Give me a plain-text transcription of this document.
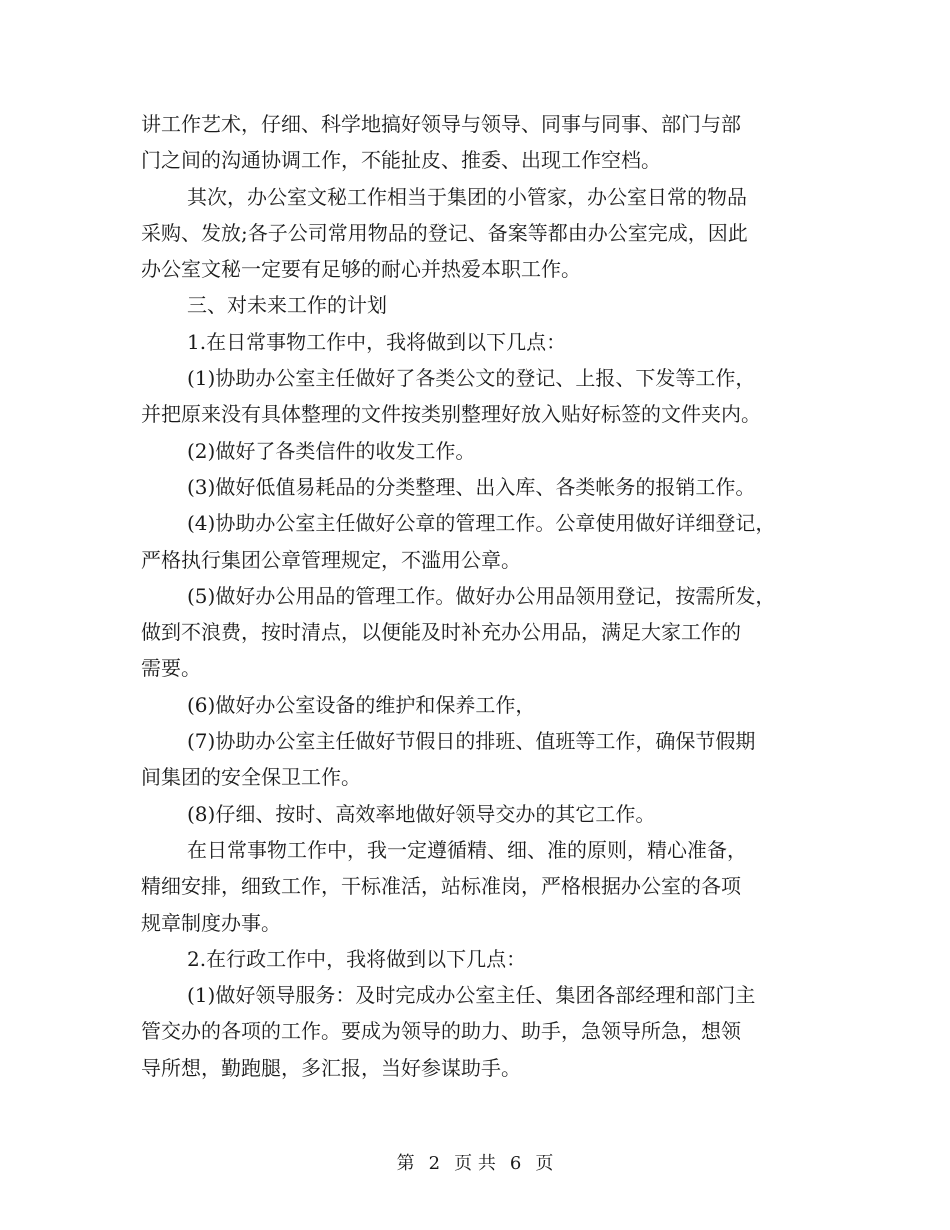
讲工作艺术，仔细、科学地搞好领导与领导、同事与同事、部门与部
门之间的沟通协调工作，不能扯皮、推委、出现工作空档。
其次，办公室文秘工作相当于集团的小管家，办公室日常的物品
采购、发放;各子公司常用物品的登记、备案等都由办公室完成，因此
办公室文秘一定要有足够的耐心并热爱本职工作。
三、对未来工作的计划
1.在日常事物工作中，我将做到以下几点：
(1)协助办公室主任做好了各类公文的登记、上报、下发等工作，
并把原来没有具体整理的文件按类别整理好放入贴好标签的文件夹内。
(2)做好了各类信件的收发工作。
(3)做好低值易耗品的分类整理、出入库、各类帐务的报销工作。
(4)协助办公室主任做好公章的管理工作。公章使用做好详细登记，
严格执行集团公章管理规定，不滥用公章。
(5)做好办公用品的管理工作。做好办公用品领用登记，按需所发，
做到不浪费，按时清点，以便能及时补充办公用品，满足大家工作的
需要。
(6)做好办公室设备的维护和保养工作，
(7)协助办公室主任做好节假日的排班、值班等工作，确保节假期
间集团的安全保卫工作。
(8)仔细、按时、高效率地做好领导交办的其它工作。
在日常事物工作中，我一定遵循精、细、准的原则，精心准备，
精细安排，细致工作，干标准活，站标准岗，严格根据办公室的各项
规章制度办事。
2.在行政工作中，我将做到以下几点：
(1)做好领导服务：及时完成办公室主任、集团各部经理和部门主
管交办的各项的工作。要成为领导的助力、助手，急领导所急，想领
导所想，勤跑腿，多汇报，当好参谋助手。
第 2 页 共 6 页
